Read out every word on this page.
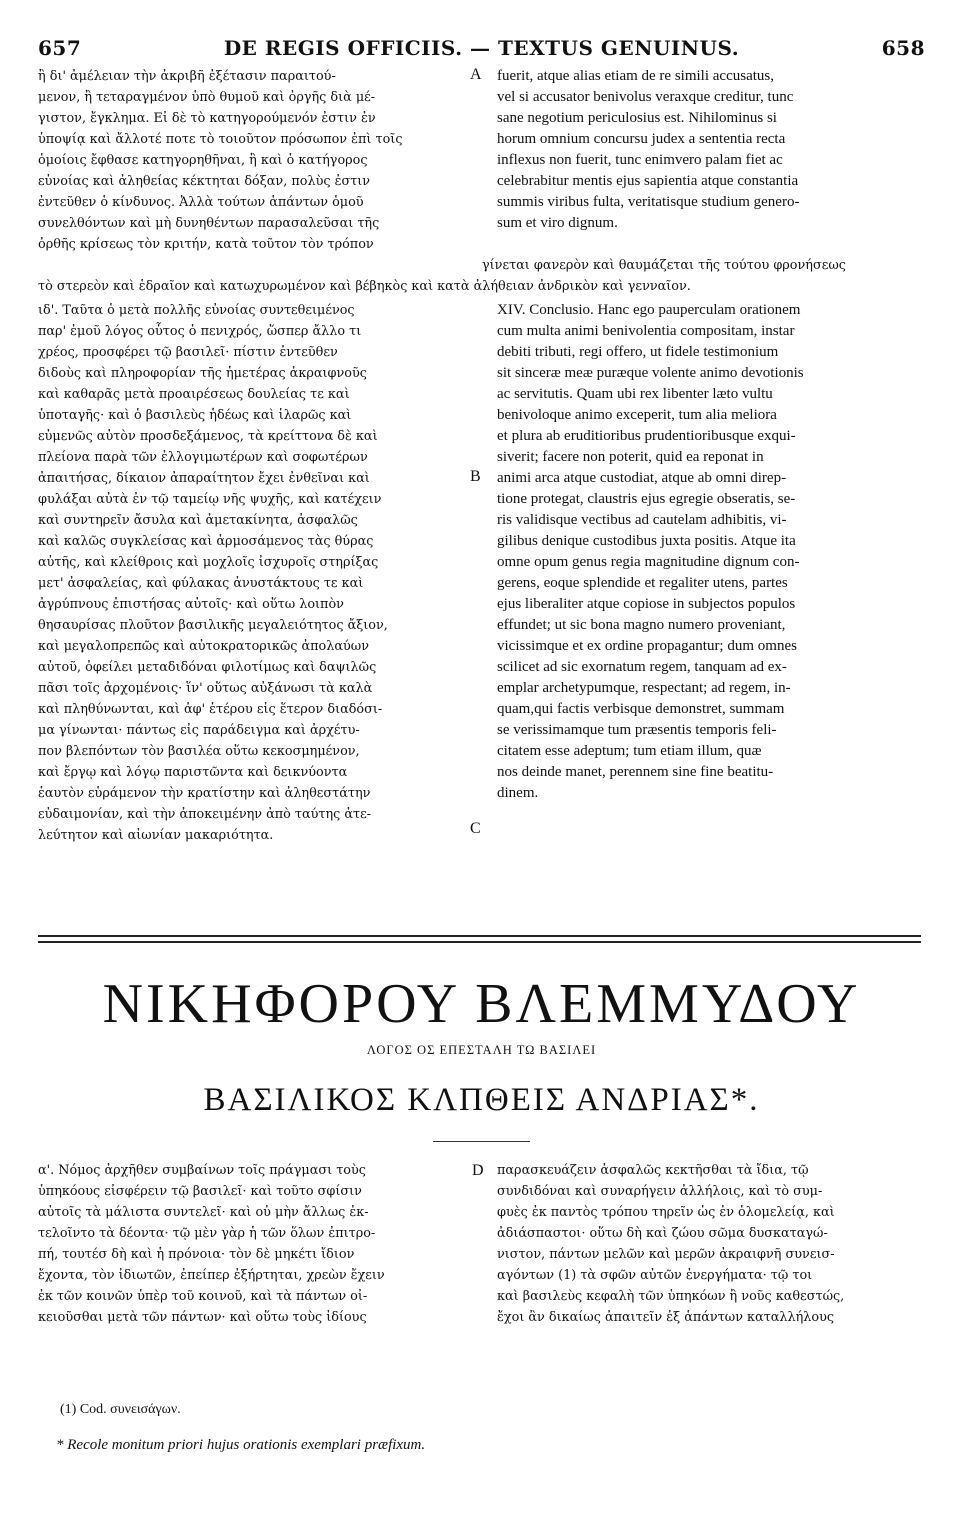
657	DE REGIS OFFICIIS. — TEXTUS GENUINUS.	658
ἢ δι' ἀμέλειαν τὴν ἀκριβῆ ἐξέτασιν παραιτού-
μενον, ἢ τεταραγμένον ὑπὸ θυμοῦ καὶ ὀργῆς διὰ μέ-
γιστον, ἔγκλημα. Εἰ δὲ τὸ κατηγορούμενόν ἐστιν ἐν
ὑποψίᾳ καὶ ἄλλοτέ ποτε τὸ τοιοῦτον πρόσωπον ἐπὶ τοῖς
ὁμοίοις ἔφθασε κατηγορηθῆναι, ἢ καὶ ὁ κατήγορος
εὐνοίας καὶ ἀληθείας κέκτηται δόξαν, πολὺς ἐστιν
ἐντεῦθεν ὁ κίνδυνος. Ἀλλὰ τούτων ἁπάντων ὁμοῦ
συνελθόντων καὶ μὴ δυνηθέντων παρασαλεῦσαι τῆς
ὀρθῆς κρίσεως τὸν κριτήν, κατὰ τοῦτον τὸν τρόπον
A fuerit, atque alias etiam de re simili accusatus,
vel si accusator benivolus veraxque creditur, tunc
sane negotium periculosius est. Nihilominus si
horum omnium concursu judex a sententia recta
inflexus non fuerit, tunc enimvero palam fiet ac
celebrabitur mentis ejus sapientia atque constantia
summis viribus fulta, veritatisque studium genero-
sum et viro dignum.
γίνεται φανερὸν καὶ θαυμάζεται τῆς τούτου φρονήσεως
τὸ στερεὸν καὶ ἑδραῖον καὶ κατωχυρωμένον καὶ βέβηκὸς καὶ κατὰ ἀλήθειαν ἀνδρικὸν καὶ γενναῖον.
ιδ'. Ταῦτα ὁ μετὰ πολλῆς εὐνοίας συντεθειμένος
παρ' ἐμοῦ λόγος οὗτος ὁ πενιχρός, ὥσπερ ἄλλο τι
χρέος, προσφέρει τῷ βασιλεῖ· πίστιν ἐντεῦθεν
διδοὺς καὶ πληροφορίαν τῆς ἡμετέρας ἀκραιφνοῦς
καὶ καθαρᾶς μετὰ προαιρέσεως δουλείας τε καὶ
ὑποταγῆς· καὶ ὁ βασιλεὺς ἡδέως καὶ ἱλαρῶς καὶ
εὐμενῶς αὐτὸν προσδεξάμενος, τὰ κρείττονα δὲ καὶ
πλείονα παρὰ τῶν ἐλλογιμωτέρων καὶ σοφωτέρων
ἀπαιτήσας, δίκαιον ἀπαραίτητον ἔχει ἐνθεῖναι καὶ
φυλάξαι αὐτὰ ἐν τῷ ταμείῳ νῆς ψυχῆς, καὶ κατέχειν
καὶ συντηρεῖν ἄσυλα καὶ ἀμετακίνητα, ἀσφαλῶς
καὶ καλῶς συγκλείσας καὶ ἁρμοσάμενος τὰς θύρας
αὐτῆς, καὶ κλείθροις καὶ μοχλοῖς ἰσχυροῖς στηρίξας
μετ' ἀσφαλείας, καὶ φύλακας ἀνυστάκτους τε καὶ
ἀγρύπνους ἐπιστήσας αὐτοῖς· καὶ οὕτω λοιπὸν
θησαυρίσας πλοῦτον βασιλικῆς μεγαλειότητος ἄξιον,
καὶ μεγαλοπρεπῶς καὶ αὐτοκρατορικῶς ἀπολαύων
αὐτοῦ, ὀφείλει μεταδιδόναι φιλοτίμως καὶ δαψιλῶς
πᾶσι τοῖς ἀρχομένοις· ἵν' οὕτως αὐξάνωσι τὰ καλὰ
καὶ πληθύνωνται, καὶ ἀφ' ἑτέρου εἰς ἕτερον διαδόσι-
μα γίνωνται· πάντως εἰς παράδειγμα καὶ ἀρχέτυ-
πον βλεπόντων τὸν βασιλέα οὕτω κεκοσμημένον,
καὶ ἔργῳ καὶ λόγῳ παριστῶντα καὶ δεικνύοντα
ἑαυτὸν εὑράμενον τὴν κρατίστην καὶ ἀληθεστάτην
εὐδαιμονίαν, καὶ τὴν ἀποκειμένην ἀπὸ ταύτης ἀτε-
λεύτητον καὶ αἰωνίαν μακαριότητα.
B
C
XIV. Conclusio. Hanc ego pauperculam orationem
cum multa animi benivolentia compositam, instar
debiti tributi, regi offero, ut fidele testimonium
sit sinceræ meæ puræque volente animo devotionis
ac servitutis. Quam ubi rex libenter læto vultu
benivoloque animo exceperit, tum alia meliora
et plura ab eruditioribus prudentioribusque exqui-
siverit; facere non poterit, quid ea reponat in
animi arca atque custodiat, atque ab omni direp-
tione protegat, claustris ejus egregie obseratis, se-
ris validisque vectibus ad cautelam adhibitis, vi-
gilibus denique custodibus juxta positis. Atque ita
omne opum genus regia magnitudine dignum con-
gerens, eoque splendide et regaliter utens, partes
ejus liberaliter atque copiose in subjectos populos
effundet; ut sic bona magno numero proveniant,
vicissimque et ex ordine propagantur; dum omnes
scilicet ad sic exornatum regem, tanquam ad ex-
emplar archetypumque, respectant; ad regem, in-
quam,qui factis verbisque demonstret, summam
se verissimamque tum præsentis temporis feli-
citatem esse adeptum; tum etiam illum, quæ
nos deinde manet, perennem sine fine beatitu-
dinem.
ΝΙΚΗΦΟΡΟΥ ΒΛΕΜΜΥΔΟΥ
ΛΟΓΟΣ ΟΣ ΕΠΕΣΤΑΛΗ ΤΩ ΒΑΣΙΛΕΙ
ΒΑΣΙΛΙΚΟΣ ΚΛΠΘΕΙΣ ΑΝΔΡΙΑΣ*.
α'. Νόμος ἀρχῆθεν συμβαίνων τοῖς πράγμασι τοὺς
ὑπηκόους εἰσφέρειν τῷ βασιλεῖ· καὶ τοῦτο σφίσιν
αὐτοῖς τὰ μάλιστα συντελεῖ· καὶ οὐ μὴν ἄλλως ἐκ-
τελοῖντο τὰ δέοντα· τῷ μὲν γὰρ ἡ τῶν ὅλων ἐπιτρο-
πή, τουτέσ δὴ καὶ ἡ πρόνοια· τὸν δὲ μηκέτι ἴδιον
ἔχοντα, τὸν ἰδιωτῶν, ἐπείπερ ἐξήρτηται, χρεὼν ἔχειν
ἐκ τῶν κοινῶν ὑπὲρ τοῦ κοινοῦ, καὶ τὰ πάντων οἰ-
κειοῦσθαι μετὰ τῶν πάντων· καὶ οὕτω τοὺς ἰδίους
D παρασκευάζειν ἀσφαλῶς κεκτῆσθαι τὰ ἴδια, τῷ
συνδιδόναι καὶ συναρήγειν ἀλλήλοις, καὶ τὸ συμ-
φυὲς ἐκ παντὸς τρόπου τηρεῖν ὡς ἐν ὁλομελείᾳ, καὶ
ἀδιάσπαστοι· οὕτω δὴ καὶ ζώου σῶμα δυσκαταγώ-
νιστον, πάντων μελῶν καὶ μερῶν ἀκραιφνῆ συνεισ-
αγόντων (1) τὰ σφῶν αὐτῶν ἐνεργήματα· τῷ τοι
καὶ βασιλεὺς κεφαλὴ τῶν ὑπηκόων ἢ νοῦς καθεστώς,
ἔχοι ἂν δικαίως ἀπαιτεῖν ἐξ ἁπάντων καταλλήλους
(1) Cod. συνεισάγων.
* Recole monitum priori hujus orationis exemplari præfixum.
